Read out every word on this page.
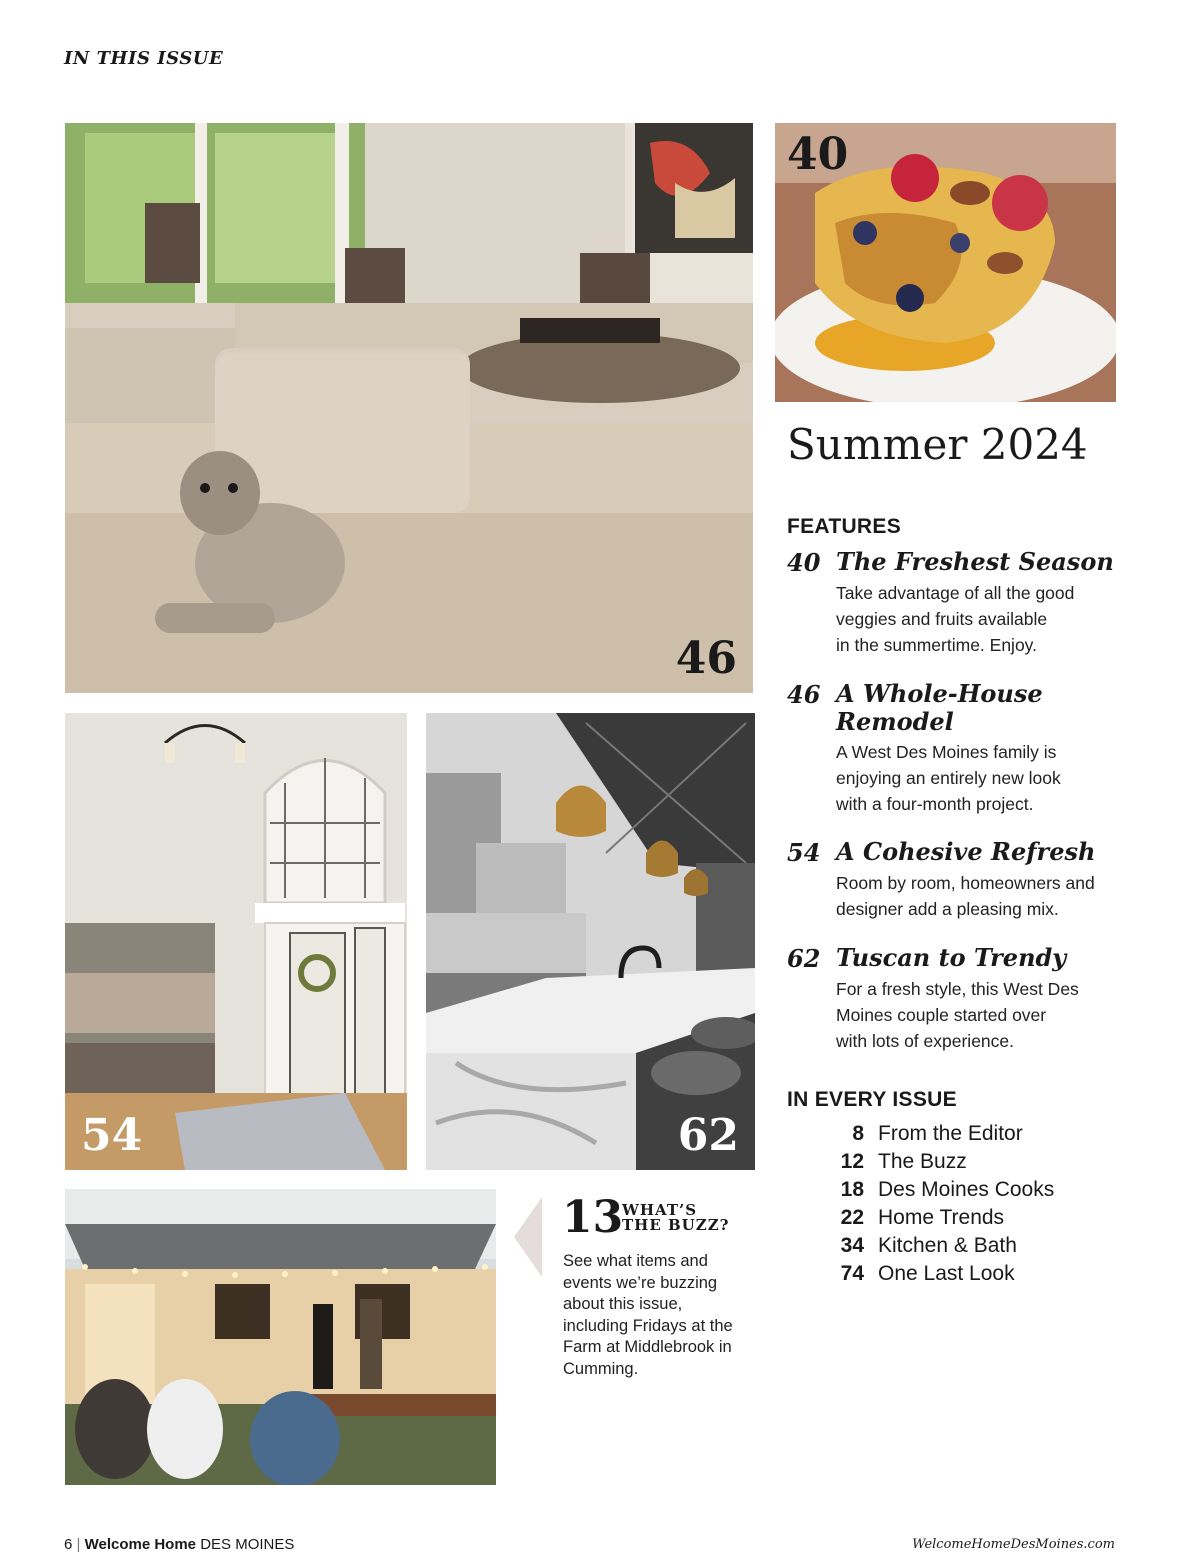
IN THIS ISSUE
46
40
54	62
13
WHAT’S
THE BUZZ?
See what items and
events we’re buzzing
about this issue,
including Fridays at the
Farm at Middlebrook in
Cumming.
Summer 2024
FEATURES
40 The Freshest Season
Take advantage of all the good
veggies and fruits available
in the summertime. Enjoy.
46 A Whole-House
Remodel
A West Des Moines family is
enjoying an entirely new look
with a four-month project.
54 A Cohesive Refresh
Room by room, homeowners and
designer add a pleasing mix.
62 Tuscan to Trendy
For a fresh style, this West Des
Moines couple started over
with lots of experience.
IN EVERY ISSUE
8 From the Editor
12 The Buzz
18 Des Moines Cooks
22 Home Trends
34 Kitchen & Bath
74 One Last Look
6 | Welcome Home DES MOINES	WelcomeHomeDesMoines.com
